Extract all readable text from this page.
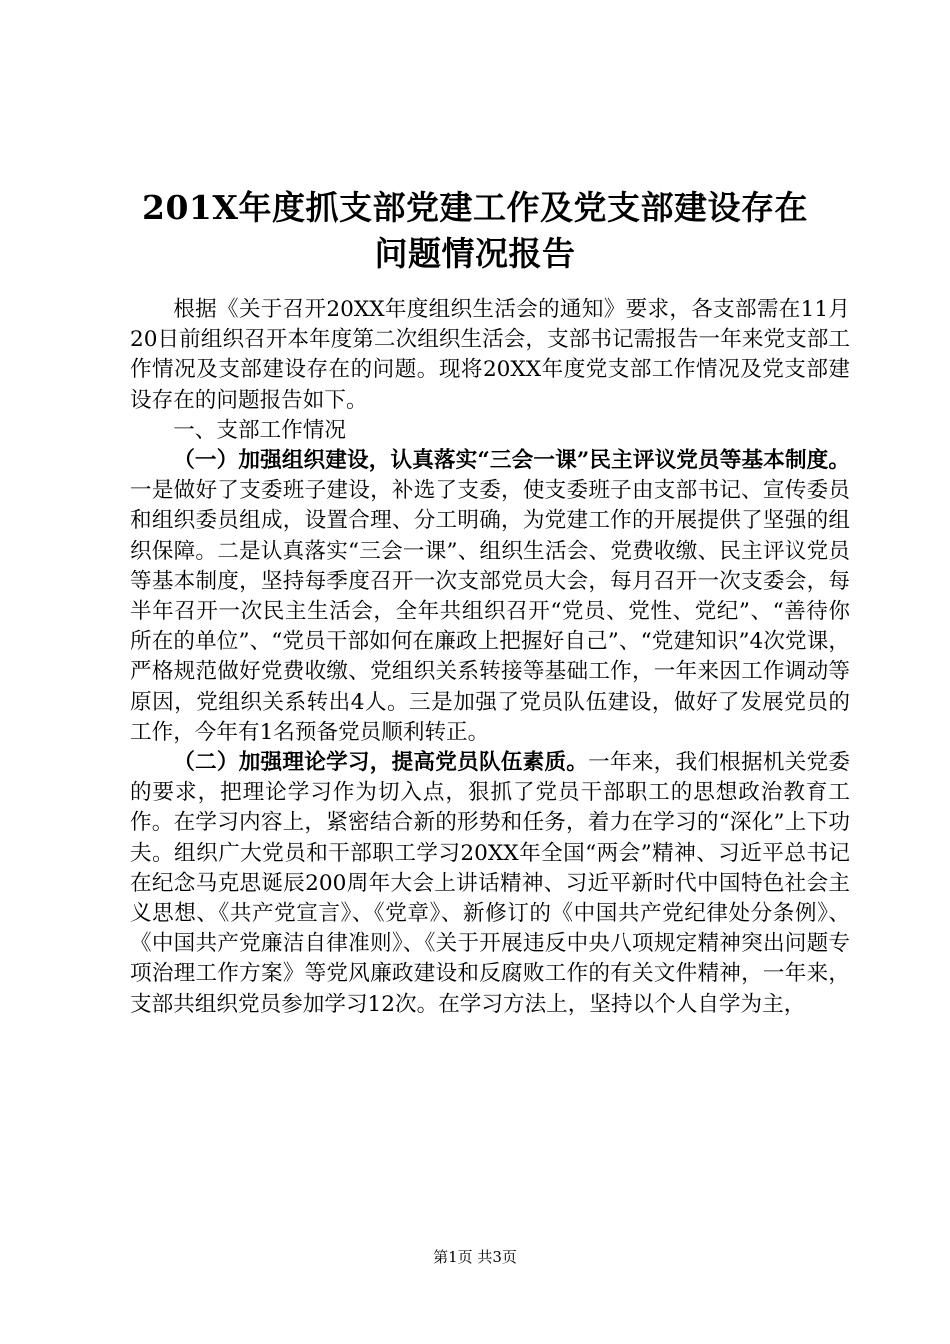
201X年度抓支部党建工作及党支部建设存在
问题情况报告

根据《关于召开20XX年度组织生活会的通知》要求，各支部需在11月20日前组织召开本年度第二次组织生活会，支部书记需报告一年来党支部工作情况及支部建设存在的问题。现将20XX年度党支部工作情况及党支部建设存在的问题报告如下。

一、支部工作情况

（一）加强组织建设，认真落实“三会一课”民主评议党员等基本制度。一是做好了支委班子建设，补选了支委，使支委班子由支部书记、宣传委员和组织委员组成，设置合理、分工明确，为党建工作的开展提供了坚强的组织保障。二是认真落实“三会一课”、组织生活会、党费收缴、民主评议党员等基本制度，坚持每季度召开一次支部党员大会，每月召开一次支委会，每半年召开一次民主生活会，全年共组织召开“党员、党性、党纪”、“善待你所在的单位”、“党员干部如何在廉政上把握好自己”、“党建知识”4次党课，严格规范做好党费收缴、党组织关系转接等基础工作，一年来因工作调动等原因，党组织关系转出4人。三是加强了党员队伍建设，做好了发展党员的工作，今年有1名预备党员顺利转正。

（二）加强理论学习，提高党员队伍素质。一年来，我们根据机关党委的要求，把理论学习作为切入点，狠抓了党员干部职工的思想政治教育工作。在学习内容上，紧密结合新的形势和任务，着力在学习的“深化”上下功夫。组织广大党员和干部职工学习20XX年全国“两会”精神、习近平总书记在纪念马克思诞辰200周年大会上讲话精神、习近平新时代中国特色社会主义思想、《共产党宣言》、《党章》、新修订的《中国共产党纪律处分条例》、《中国共产党廉洁自律准则》、《关于开展违反中央八项规定精神突出问题专项治理工作方案》等党风廉政建设和反腐败工作的有关文件精神，一年来，支部共组织党员参加学习12次。在学习方法上，坚持以个人自学为主，

第1页 共3页
